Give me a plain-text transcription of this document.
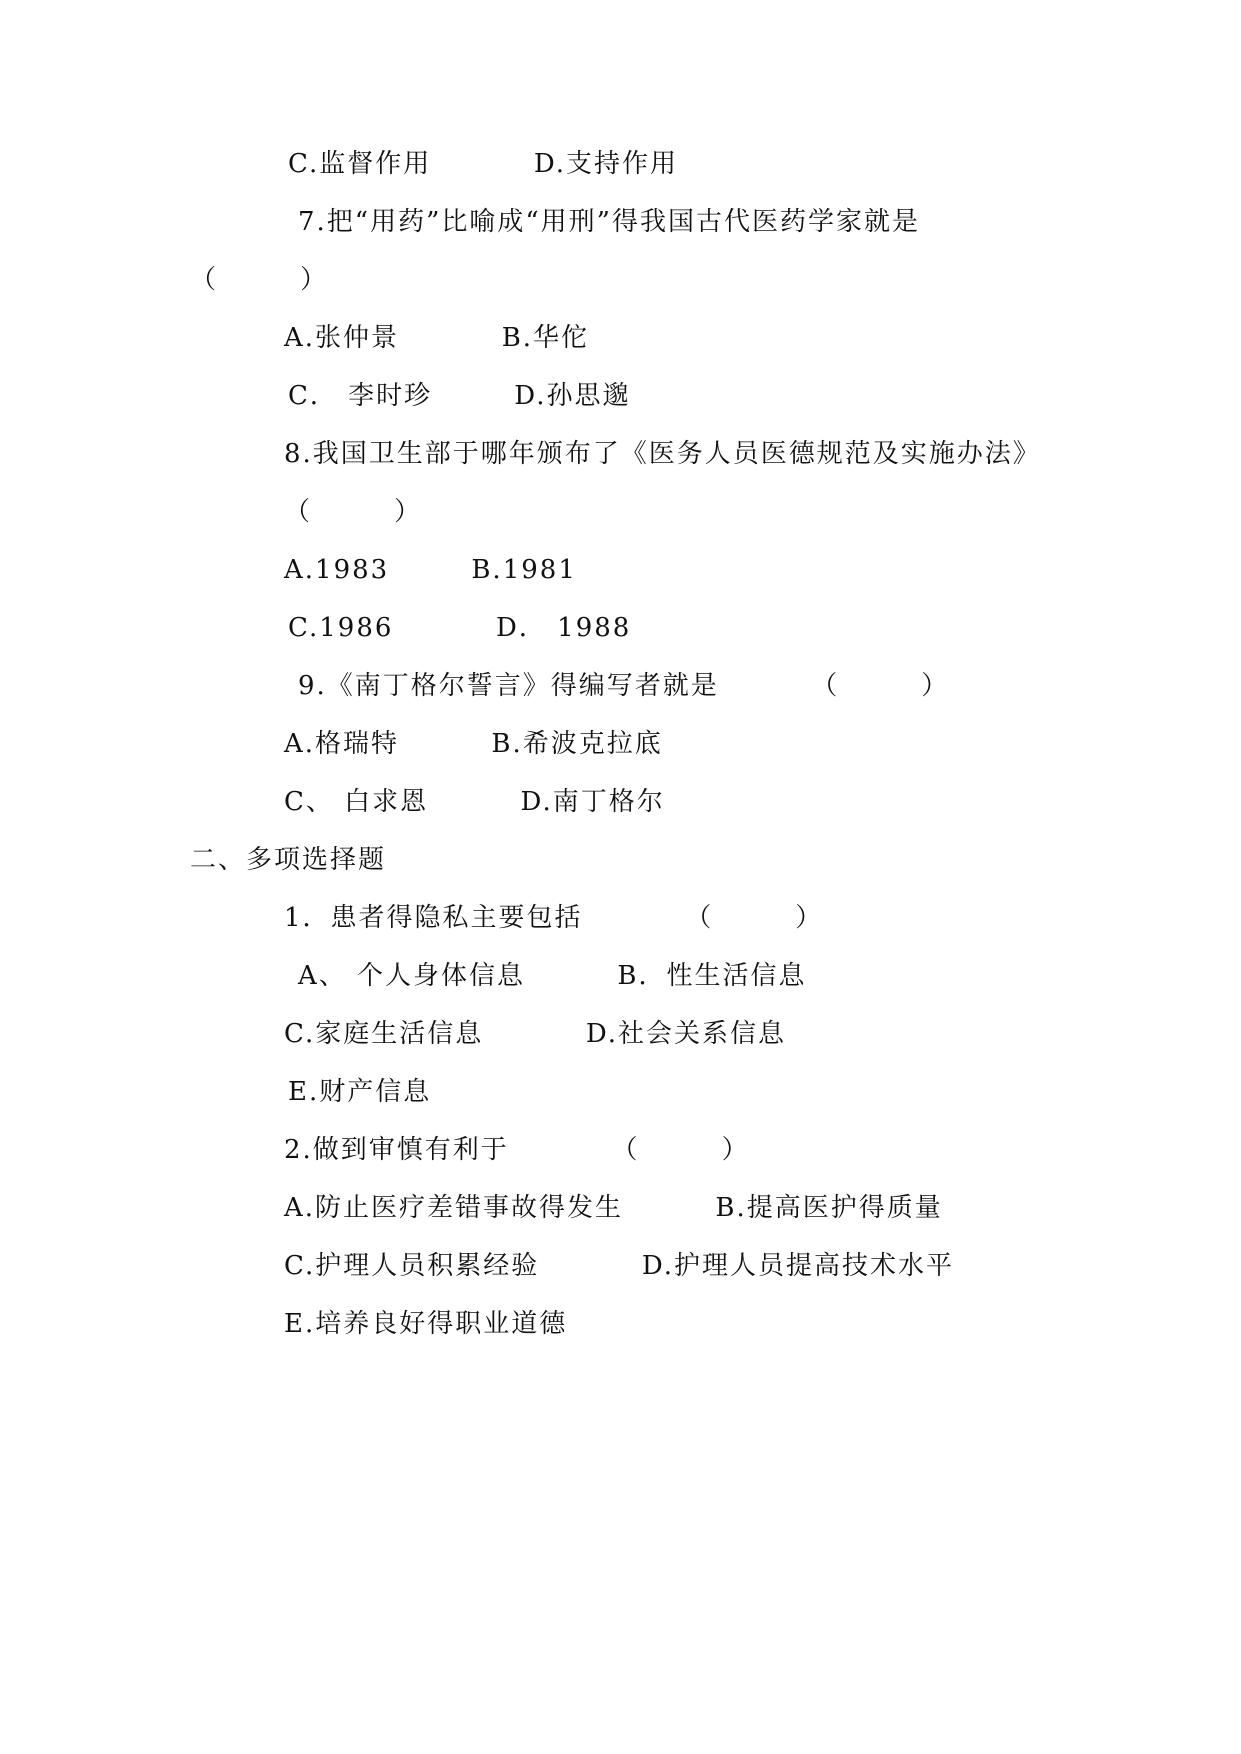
C.监督作用          D.支持作用
7.把“用药”比喻成“用刑”得我国古代医药学家就是
（        ）
A.张仲景          B.华佗
C． 李时珍        D.孙思邈
8.我国卫生部于哪年颁布了《医务人员医德规范及实施办法》
（        ）
A.1983        B.1981
C.1986          D． 1988
9.《南丁格尔誓言》得编写者就是         （        ）
A.格瑞特         B.希波克拉底
C、 白求恩         D.南丁格尔
二、多项选择题
1．患者得隐私主要包括          （        ）
A、 个人身体信息         B．性生活信息
C.家庭生活信息          D.社会关系信息
E.财产信息
2.做到审慎有利于          （        ）
A.防止医疗差错事故得发生         B.提高医护得质量
C.护理人员积累经验          D.护理人员提高技术水平
E.培养良好得职业道德
